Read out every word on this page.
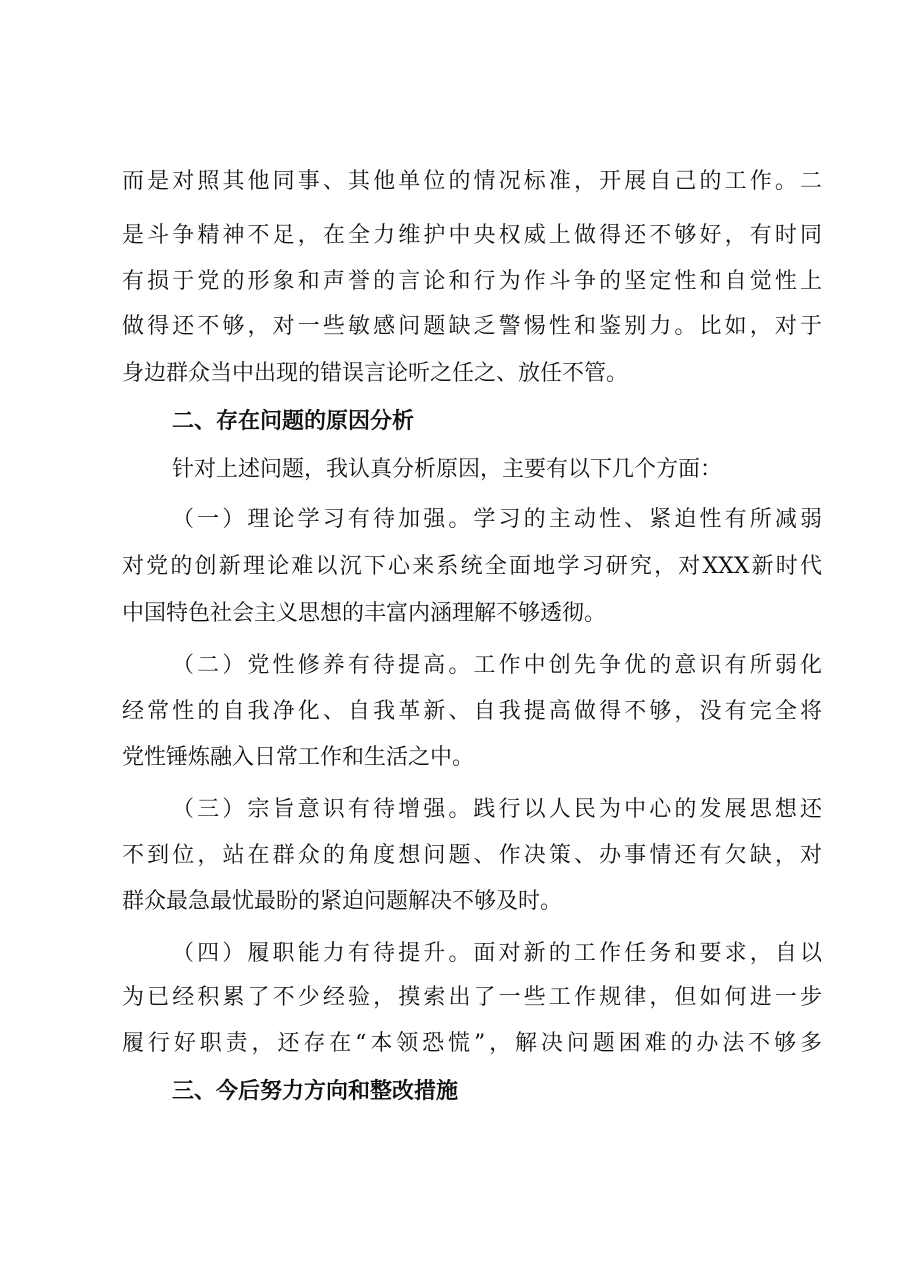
而是对照其他同事、其他单位的情况标准，开展自己的工作。二
是斗争精神不足，在全力维护中央权威上做得还不够好，有时同
有损于党的形象和声誉的言论和行为作斗争的坚定性和自觉性上
做得还不够，对一些敏感问题缺乏警惕性和鉴别力。比如，对于
身边群众当中出现的错误言论听之任之、放任不管。
二、存在问题的原因分析
针对上述问题，我认真分析原因，主要有以下几个方面：
（一）理论学习有待加强。学习的主动性、紧迫性有所减弱
对党的创新理论难以沉下心来系统全面地学习研究，对XXX新时代
中国特色社会主义思想的丰富内涵理解不够透彻。
（二）党性修养有待提高。工作中创先争优的意识有所弱化
经常性的自我净化、自我革新、自我提高做得不够，没有完全将
党性锤炼融入日常工作和生活之中。
（三）宗旨意识有待增强。践行以人民为中心的发展思想还
不到位，站在群众的角度想问题、作决策、办事情还有欠缺，对
群众最急最忧最盼的紧迫问题解决不够及时。
（四）履职能力有待提升。面对新的工作任务和要求，自以
为已经积累了不少经验，摸索出了一些工作规律，但如何进一步
履行好职责，还存在“本领恐慌”，解决问题困难的办法不够多
三、今后努力方向和整改措施
